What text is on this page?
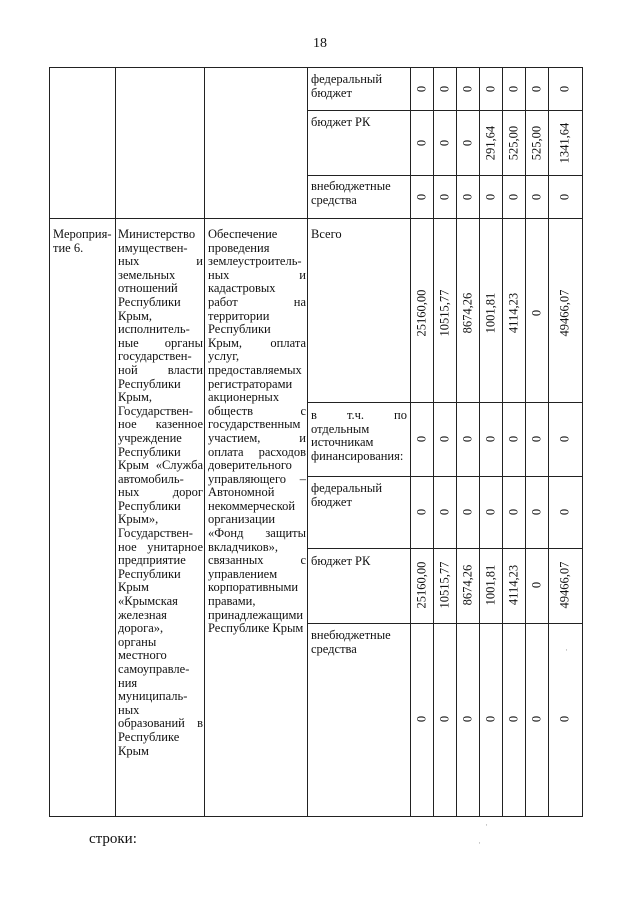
18
федеральный бюджет
бюджет РК
внебюджетные средства
Мероприя-тие 6.
Министерство имуществен-ных и земельных отношений Республики Крым, исполнитель-ные органы государствен-ной власти Республики Крым, Государствен-ное казенное учреждение Республики Крым «Служба автомобиль-ных дорог Республики Крым», Государствен-ное унитарное предприятие Республики Крым «Крымская железная дорога», органы местного самоуправле-ния муниципаль-ных образований в Республике Крым
Обеспечение проведения землеустроитель-ных и кадастровых работ на территории Республики Крым, оплата услуг, предоставляемых регистраторами акционерных обществ с государственным участием, и оплата расходов доверительного управляющего – Автономной некоммерческой организации «Фонд защиты вкладчиков», связанных с управлением корпоративными правами, принадлежащими Республике Крым
Всего
в т.ч. по отдельным источникам финансирования:
федеральный бюджет
бюджет РК
внебюджетные средства
0 0 0 0 0 0 0
0 0 0 291,64 525,00 525,00 1341,64
0 0 0 0 0 0 0
25160,00 10515,77 8674,26 1001,81 4114,23 0 49466,07
0 0 0 0 0 0 0
0 0 0 0 0 0 0
25160,00 10515,77 8674,26 1001,81 4114,23 0 49466,07
0 0 0 0 0 0 0
строки:
·
·
·
